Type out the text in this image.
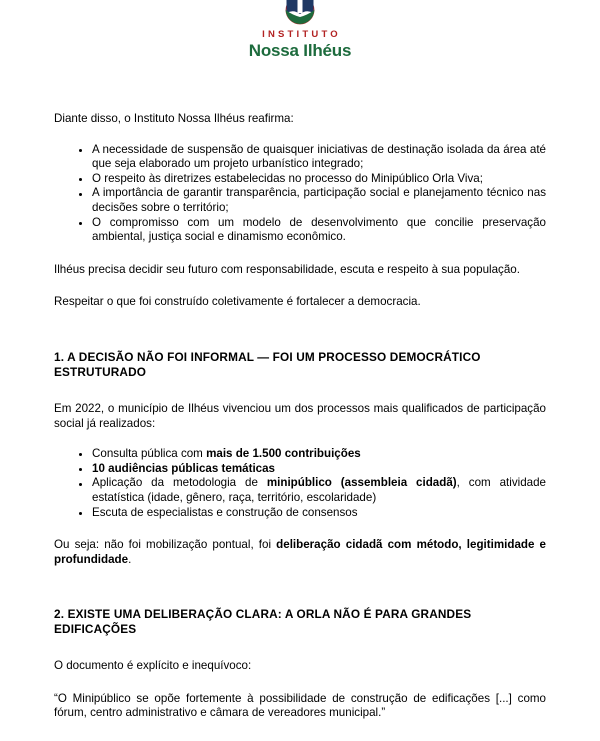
INSTITUTO
Nossa Ilhéus

Diante disso, o Instituto Nossa Ilhéus reafirma:

A necessidade de suspensão de quaisquer iniciativas de destinação isolada da área até que seja elaborado um projeto urbanístico integrado;
O respeito às diretrizes estabelecidas no processo do Minipúblico Orla Viva;
A importância de garantir transparência, participação social e planejamento técnico nas decisões sobre o território;
O compromisso com um modelo de desenvolvimento que concilie preservação ambiental, justiça social e dinamismo econômico.

Ilhéus precisa decidir seu futuro com responsabilidade, escuta e respeito à sua população.

Respeitar o que foi construído coletivamente é fortalecer a democracia.

1. A DECISÃO NÃO FOI INFORMAL — FOI UM PROCESSO DEMOCRÁTICO
ESTRUTURADO

Em 2022, o município de Ilhéus vivenciou um dos processos mais qualificados de participação social já realizados:

Consulta pública com mais de 1.500 contribuições
10 audiências públicas temáticas
Aplicação da metodologia de minipúblico (assembleia cidadã), com atividade estatística (idade, gênero, raça, território, escolaridade)
Escuta de especialistas e construção de consensos

Ou seja: não foi mobilização pontual, foi deliberação cidadã com método, legitimidade e profundidade.

2. EXISTE UMA DELIBERAÇÃO CLARA: A ORLA NÃO É PARA GRANDES
EDIFICAÇÕES

O documento é explícito e inequívoco:

“O Minipúblico se opõe fortemente à possibilidade de construção de edificações [...] como fórum, centro administrativo e câmara de vereadores municipal.”
